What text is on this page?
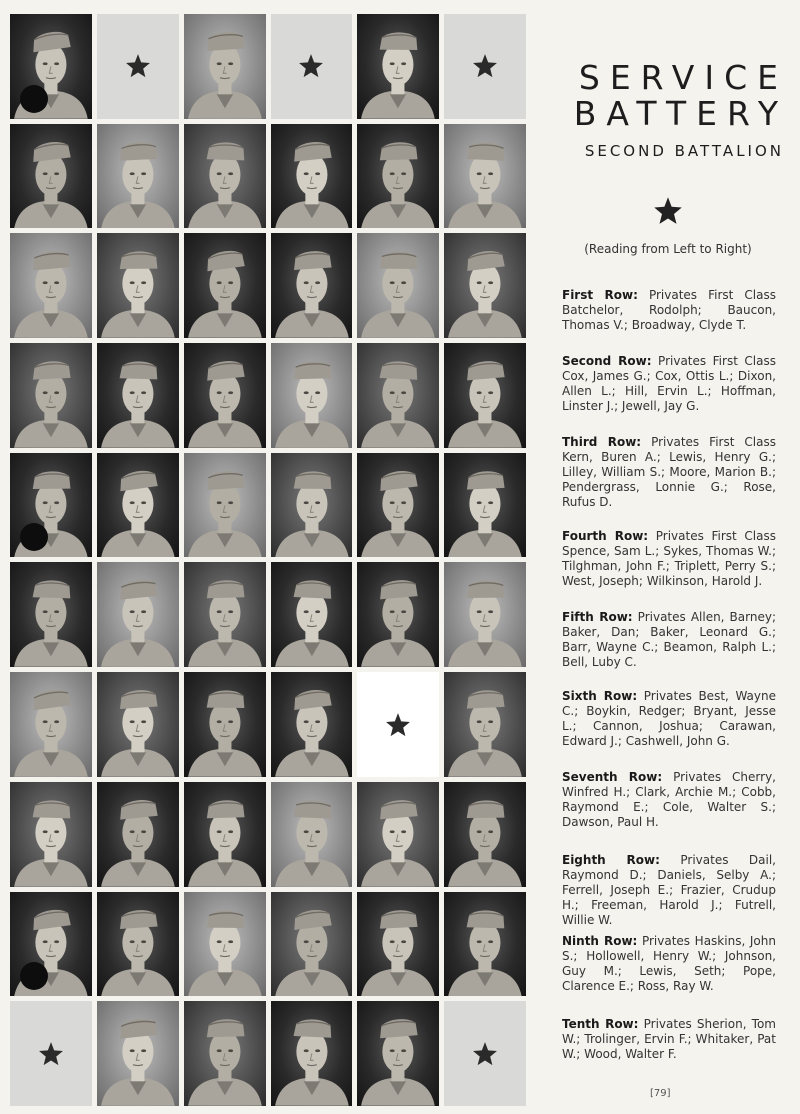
SERVICE
BATTERY
SECOND BATTALION
(Reading from Left to Right)
First Row: Privates First Class Batchelor, Rodolph; Baucon, Thomas V.; Broadway, Clyde T.
Second Row: Privates First Class Cox, James G.; Cox, Ottis L.; Dixon, Allen L.; Hill, Ervin L.; Hoffman, Linster J.; Jewell, Jay G.
Third Row: Privates First Class Kern, Buren A.; Lewis, Henry G.; Lilley, William S.; Moore, Marion B.; Pendergrass, Lonnie G.; Rose, Rufus D.
Fourth Row: Privates First Class Spence, Sam L.; Sykes, Thomas W.; Tilghman, John F.; Triplett, Perry S.; West, Joseph; Wilkinson, Harold J.
Fifth Row: Privates Allen, Barney; Baker, Dan; Baker, Leonard G.; Barr, Wayne C.; Beamon, Ralph L.; Bell, Luby C.
Sixth Row: Privates Best, Wayne C.; Boykin, Redger; Bryant, Jesse L.; Cannon, Joshua; Carawan, Edward J.; Cashwell, John G.
Seventh Row: Privates Cherry, Winfred H.; Clark, Archie M.; Cobb, Raymond E.; Cole, Walter S.; Dawson, Paul H.
Eighth Row: Privates Dail, Raymond D.; Daniels, Selby A.; Ferrell, Joseph E.; Frazier, Crudup H.; Freeman, Harold J.; Futrell, Willie W.
Ninth Row: Privates Haskins, John S.; Hollowell, Henry W.; Johnson, Guy M.; Lewis, Seth; Pope, Clarence E.; Ross, Ray W.
Tenth Row: Privates Sherion, Tom W.; Trolinger, Ervin F.; Whitaker, Pat W.; Wood, Walter F.
[79]
